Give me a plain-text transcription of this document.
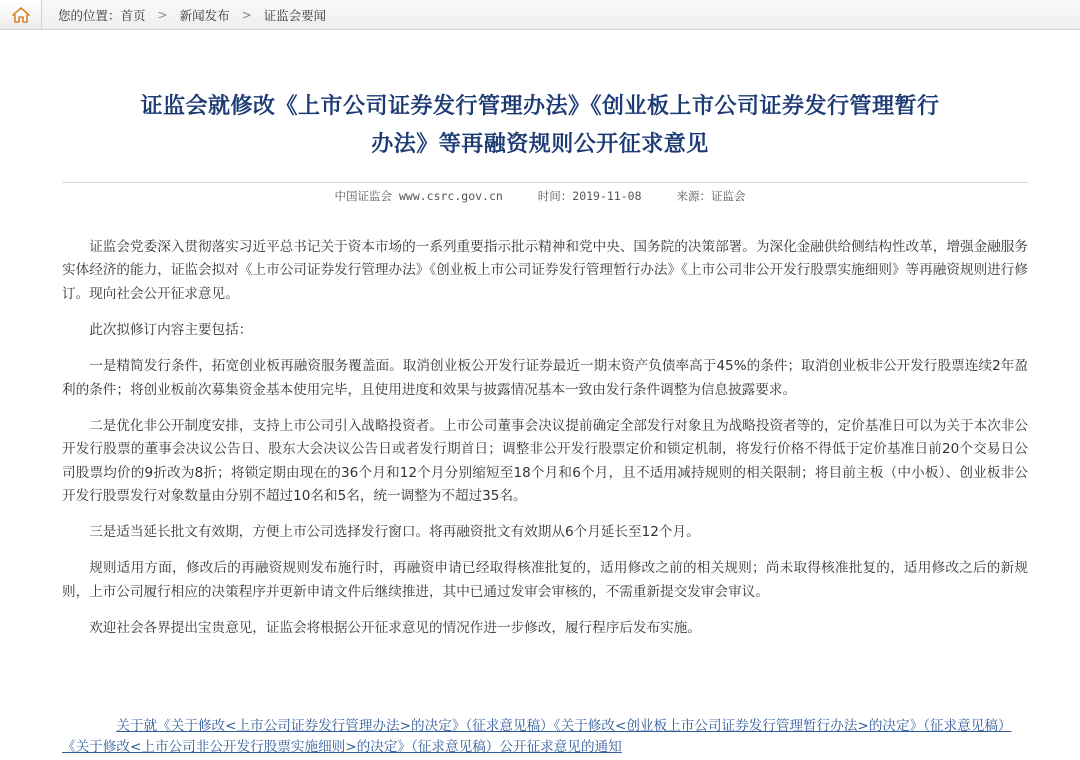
您的位置：首页 > 新闻发布 > 证监会要闻
证监会就修改《上市公司证券发行管理办法》《创业板上市公司证券发行管理暂行
办法》等再融资规则公开征求意见
中国证监会 www.csrc.gov.cn	时间：2019-11-08	来源：证监会

证监会党委深入贯彻落实习近平总书记关于资本市场的一系列重要指示批示精神和党中央、国务院的决策部署。为深化金融供给侧结构性改革，增强金融服务实体经济的能力，证监会拟对《上市公司证券发行管理办法》《创业板上市公司证券发行管理暂行办法》《上市公司非公开发行股票实施细则》等再融资规则进行修订。现向社会公开征求意见。

此次拟修订内容主要包括：

一是精简发行条件，拓宽创业板再融资服务覆盖面。取消创业板公开发行证券最近一期末资产负债率高于45%的条件；取消创业板非公开发行股票连续2年盈利的条件；将创业板前次募集资金基本使用完毕，且使用进度和效果与披露情况基本一致由发行条件调整为信息披露要求。

二是优化非公开制度安排，支持上市公司引入战略投资者。上市公司董事会决议提前确定全部发行对象且为战略投资者等的，定价基准日可以为关于本次非公开发行股票的董事会决议公告日、股东大会决议公告日或者发行期首日；调整非公开发行股票定价和锁定机制，将发行价格不得低于定价基准日前20个交易日公司股票均价的9折改为8折；将锁定期由现在的36个月和12个月分别缩短至18个月和6个月，且不适用减持规则的相关限制；将目前主板（中小板）、创业板非公开发行股票发行对象数量由分别不超过10名和5名，统一调整为不超过35名。

三是适当延长批文有效期，方便上市公司选择发行窗口。将再融资批文有效期从6个月延长至12个月。

规则适用方面，修改后的再融资规则发布施行时，再融资申请已经取得核准批复的，适用修改之前的相关规则；尚未取得核准批复的，适用修改之后的新规则，上市公司履行相应的决策程序并更新申请文件后继续推进，其中已通过发审会审核的，不需重新提交发审会审议。

欢迎社会各界提出宝贵意见，证监会将根据公开征求意见的情况作进一步修改，履行程序后发布实施。

关于就《关于修改<上市公司证券发行管理办法>的决定》（征求意见稿）《关于修改<创业板上市公司证券发行管理暂行办法>的决定》（征求意见稿）《关于修改<上市公司非公开发行股票实施细则>的决定》（征求意见稿）公开征求意见的通知
